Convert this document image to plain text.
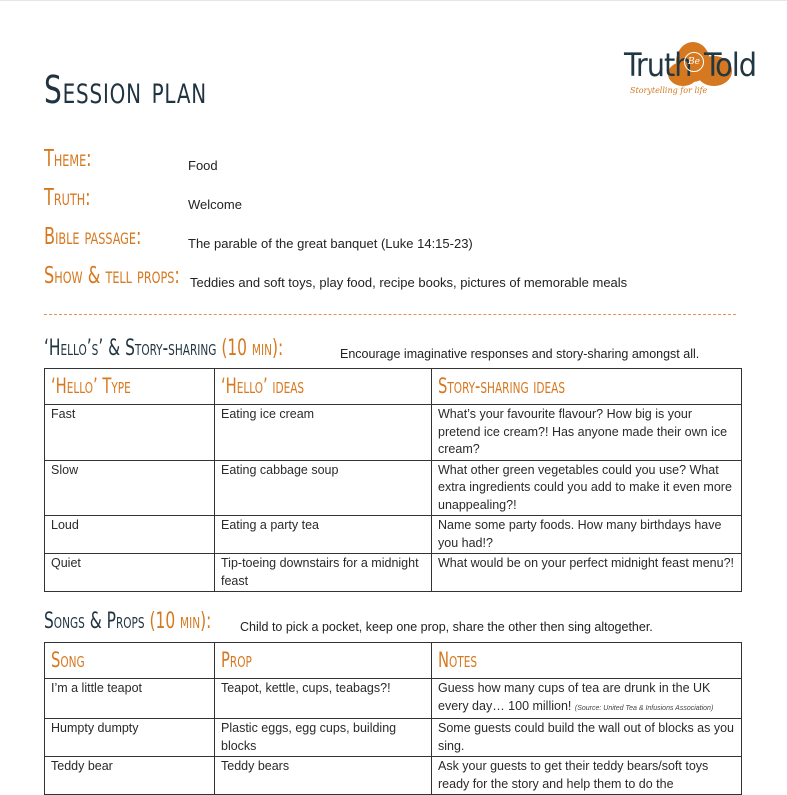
Session plan
Truth
Be Told
Storytelling for life
Theme:	Food
Truth:	Welcome
Bible passage:	The parable of the great banquet (Luke 14:15-23)
Show & tell props: Teddies and soft toys, play food, recipe books, pictures of memorable meals
‘Hello’s’ & Story-sharing (10 min):	Encourage imaginative responses and story-sharing amongst all.
‘Hello’ Type	‘Hello’ ideas	Story-sharing ideas
Fast	Eating ice cream	What’s your favourite flavour? How big is your pretend ice cream?! Has anyone made their own ice cream?
Slow	Eating cabbage soup	What other green vegetables could you use? What extra ingredients could you add to make it even more unappealing?!
Loud	Eating a party tea	Name some party foods. How many birthdays have you had!?
Quiet	Tip-toeing downstairs for a midnight feast	What would be on your perfect midnight feast menu?!
Songs & Props (10 min): Child to pick a pocket, keep one prop, share the other then sing altogether.
Song	Prop	Notes
I’m a little teapot	Teapot, kettle, cups, teabags?!	Guess how many cups of tea are drunk in the UK every day… 100 million! (Source: United Tea & Infusions Association)
Humpty dumpty	Plastic eggs, egg cups, building blocks	Some guests could build the wall out of blocks as you sing.
Teddy bear	Teddy bears	Ask your guests to get their teddy bears/soft toys ready for the story and help them to do the
